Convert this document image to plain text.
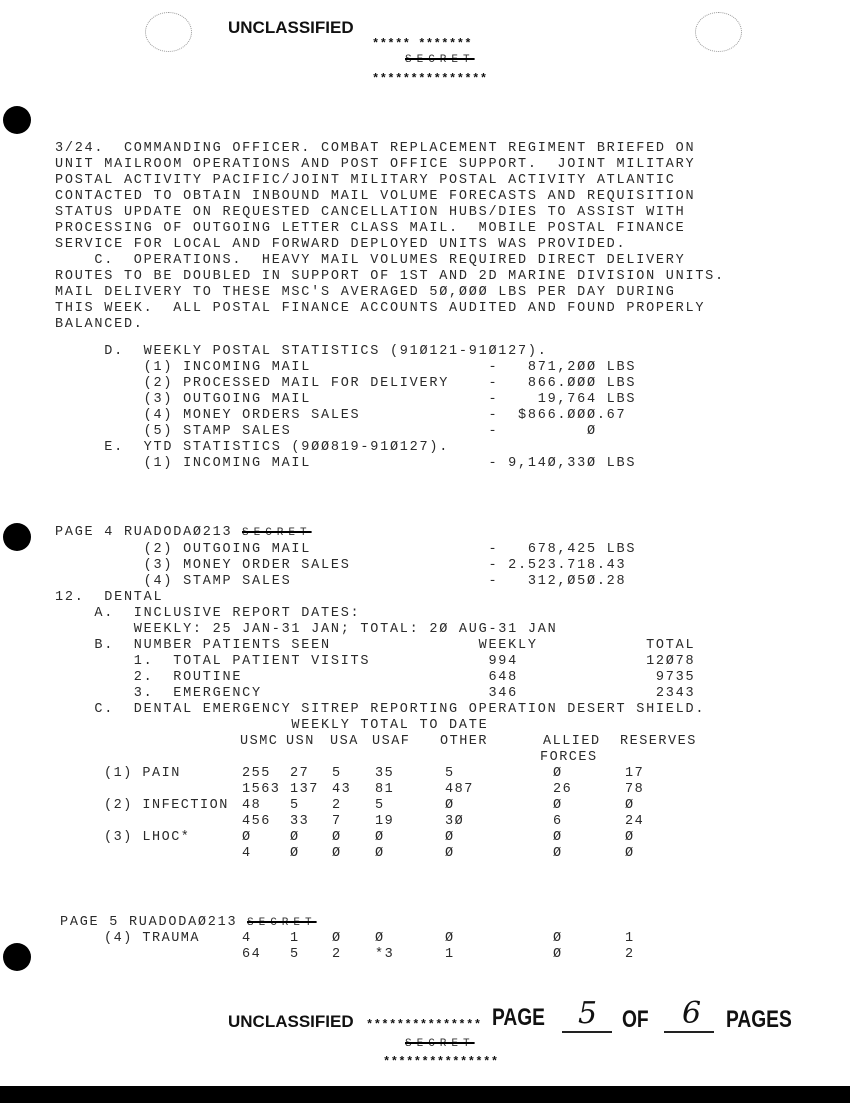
UNCLASSIFIED
***** *******
SECRET
***************
3/24.  COMMANDING OFFICER. COMBAT REPLACEMENT REGIMENT BRIEFED ON
UNIT MAILROOM OPERATIONS AND POST OFFICE SUPPORT.  JOINT MILITARY
POSTAL ACTIVITY PACIFIC/JOINT MILITARY POSTAL ACTIVITY ATLANTIC
CONTACTED TO OBTAIN INBOUND MAIL VOLUME FORECASTS AND REQUISITION
STATUS UPDATE ON REQUESTED CANCELLATION HUBS/DIES TO ASSIST WITH
PROCESSING OF OUTGOING LETTER CLASS MAIL.  MOBILE POSTAL FINANCE
SERVICE FOR LOCAL AND FORWARD DEPLOYED UNITS WAS PROVIDED.
C.  OPERATIONS.  HEAVY MAIL VOLUMES REQUIRED DIRECT DELIVERY
ROUTES TO BE DOUBLED IN SUPPORT OF 1ST AND 2D MARINE DIVISION UNITS.
MAIL DELIVERY TO THESE MSC'S AVERAGED 5Ø,ØØØ LBS PER DAY DURING
THIS WEEK.  ALL POSTAL FINANCE ACCOUNTS AUDITED AND FOUND PROPERLY
BALANCED.
D.  WEEKLY POSTAL STATISTICS (91Ø121-91Ø127).
(1) INCOMING MAIL                  -   871,2ØØ LBS
(2) PROCESSED MAIL FOR DELIVERY    -   866.ØØØ LBS
(3) OUTGOING MAIL                  -    19,764 LBS
(4) MONEY ORDERS SALES             -  $866.ØØØ.67
(5) STAMP SALES                    -         Ø
E.  YTD STATISTICS (9ØØ819-91Ø127).
(1) INCOMING MAIL                  - 9,14Ø,33Ø LBS
PAGE 4 RUADODAØ213 SECRET
(2) OUTGOING MAIL                  -   678,425 LBS
(3) MONEY ORDER SALES              - 2.523.718.43
(4) STAMP SALES                    -   312,Ø5Ø.28
12.  DENTAL
A.  INCLUSIVE REPORT DATES:
WEEKLY: 25 JAN-31 JAN; TOTAL: 2Ø AUG-31 JAN
B.  NUMBER PATIENTS SEEN               WEEKLY           TOTAL
1.  TOTAL PATIENT VISITS            994             12Ø78
2.  ROUTINE                         648              9735
3.  EMERGENCY                       346              2343
C.  DENTAL EMERGENCY SITREP REPORTING OPERATION DESERT SHIELD.
WEEKLY TOTAL TO DATE
USMC USN USA USAF OTHER	ALLIED RESERVES
FORCES
(1) PAIN	255 27 5 35	5	Ø	17
1563 137 43 81	487	26	78
(2) INFECTION 48 5 2 5	Ø	Ø	Ø
456 33 7 19	3Ø	6	24
(3) LHOC*	Ø	Ø Ø Ø	Ø	Ø	Ø
4	Ø Ø Ø	Ø	Ø	Ø
PAGE 5 RUADODAØ213 SECRET
(4) TRAUMA	4	1 Ø Ø	Ø	Ø	1
64 5 2 *3	1	Ø	2
UNCLASSIFIED *************** PAGE 5 OF 6 PAGES
SECRET
***************
